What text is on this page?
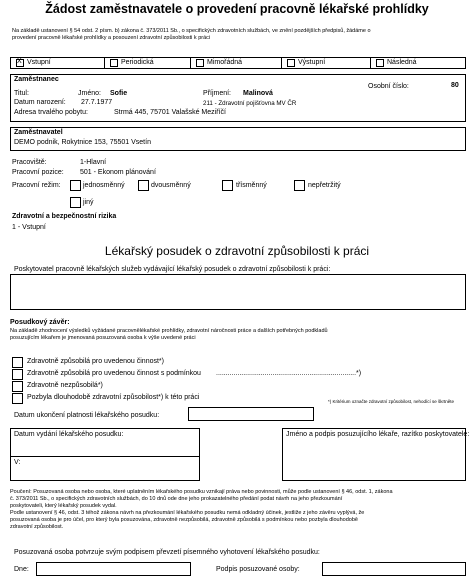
Žádost zaměstnavatele o provedení pracovně lékařské prohlídky
Na základě ustanovení § 54 odst. 2 písm. b) zákona č. 373/2011 Sb., o specifických zdravotních službách, ve znění pozdějších předpisů, žádáme o
provedení pracovně lékařské prohlídky a posouzení zdravotní způsobilosti k práci
X Vstupní	Periodická	Mimořádná	Výstupní	Následná
Zaměstnanec
Osobní číslo:	80
Titul:	Jméno: Sofie	Příjmení: Malinová
Datum narození: 27.7.1977	211 - Zdravotní pojišťovna MV ČR
Adresa trvalého pobytu:	Strmá 445, 75701 Valašské Meziříčí
Zaměstnavatel
DEMO podnik, Rokytnice 153, 75501 Vsetín
Pracoviště:	1-Hlavní
Pracovní pozice: 501 - Ekonom plánování
Pracovní režim:	jednosměnný	dvousměnný	třísměnný	nepřetržitý
jiný
Zdravotní a bezpečnostní rizika
1 - Vstupní
Lékařský posudek o zdravotní způsobilosti k práci
Poskytovatel pracovně lékařských služeb vydávající lékařský posudek o zdravotní způsobilosti k práci:
Posudkový závěr:
Na základě zhodnocení výsledků vyžádané pracovnělékařské prohlídky, zdravotní náročnosti práce a dalších potřebných podkladů
posuzujícím lékařem je jmenovaná posuzovaná osoba k výše uvedené práci
Zdravotně způsobilá pro uvedenou činnost*)
Zdravotně způsobilá pro uvedenou činnost s podmínkou ........................................................................*)
Zdravotně nezpůsobilá*)
Pozbyla dlouhodobě zdravotní způsobilost*) k této práci
*) Kritérium označte zdravotní způsobilost, nehodící se škrtněte
Datum ukončení platnosti lékařského posudku:
Datum vydání lékařského posudku:
V:
Jméno a podpis posuzujícího lékaře, razítko poskytovatele:
Poučení: Posuzovaná osoba nebo osoba, které uplatněním lékařského posudku vznikají práva nebo povinnosti, může podle ustanovení § 46, odst. 1, zákona
č. 373/2011 Sb., o specifických zdravotních službách, do 10 dnů ode dne jeho prokazatelného předání podat návrh na jeho přezkoumání
poskytovateli, který lékařský posudek vydal.
Podle ustanovení § 46, odst. 3 téhož zákona návrh na přezkoumání lékařského posudku nemá odkladný účinek, jestliže z jeho závěru vyplývá, že
posuzovaná osoba je pro účel, pro který byla posuzována, zdravotně nezpůsobilá, zdravotně způsobilá s podmínkou nebo pozbyla dlouhodobě
zdravotní způsobilost.
Posuzovaná osoba potvrzuje svým podpisem převzetí písemného vyhotovení lékařského posudku:
Dne:	Podpis posuzované osoby:
